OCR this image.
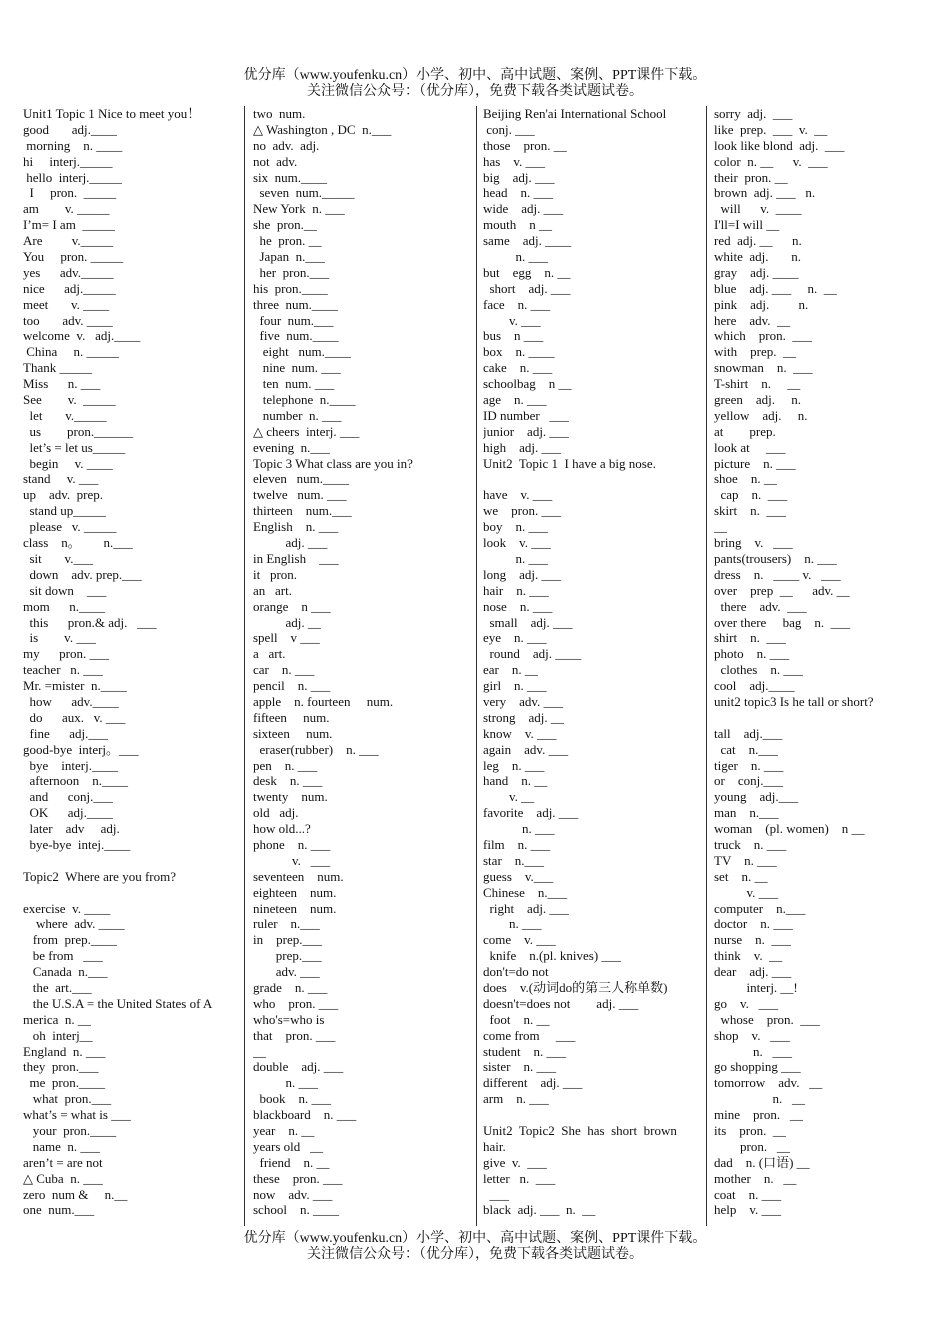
优分库（www.youfenku.cn）小学、初中、高中试题、案例、PPT课件下载。
关注微信公众号：（优分库），免费下载各类试题试卷。
Unit1 Topic 1 Nice to meet you！
good       adj.____
morning    n. ____
hi     interj._____
hello  interj._____
I     pron.  _____
am        v. _____
I’m= I am  _____
Are         v._____
You     pron. _____
yes      adv._____
nice      adj._____
meet       v. ____
too       adv. ____
welcome  v.   adj.____
China     n. _____
Thank _____
Miss      n. ___
See        v.  _____
let       v._____
us        pron.______
let’s = let us_____
begin     v. ____
stand     v. ___
up    adv.  prep.
stand up_____
please   v. _____
class    n。       n.___
sit       v.___
down    adv. prep.___
sit down    ___
mom      n.____
this      pron.& adj.   ___
is        v. ___
my      pron. ___
teacher   n. ___
Mr. =mister  n.____
how      adv.____
do      aux.   v. ___
fine      adj.___
good-bye  interj。___
bye    interj.____
afternoon    n.____
and      conj.___
OK      adj.____
later    adv     adj.
bye-bye  intej.____
Topic2  Where are you from?
exercise  v. ____
where  adv. ____
from  prep.____
be from   ___
Canada  n.___
the  art.___
the U.S.A = the United States of A
merica  n. __
oh  interj__
England  n. ___
they  pron.___
me  pron.____
what  pron.___
what’s = what is ___
your  pron.____
name  n. ___
aren’t = are not
△ Cuba  n. ___
zero  num &     n.__
one  num.___
two  num.
△ Washington , DC  n.___
no  adv.  adj.
not  adv.
six  num.____
seven  num._____
New York  n. ___
she  pron.__
he  pron. __
Japan  n.___
her  pron.___
his  pron.____
three  num.____
four  num.___
five  num.____
eight   num.____
nine  num. ___
ten  num. ___
telephone  n.____
number  n. ___
△ cheers  interj. ___
evening  n.___
Topic 3 What class are you in?
eleven   num.____
twelve   num. ___
thirteen    num.___
English    n. ___
adj. ___
in English    ___
it   pron.
an   art.
orange    n ___
adj. __
spell    v ___
a   art.
car    n. ___
pencil    n. ___
apple    n. fourteen     num.
fifteen     num.
sixteen     num.
eraser(rubber)    n. ___
pen    n. ___
desk    n. ___
twenty    num.
old   adj.
how old...?
phone    n. ___
v.   ___
seventeen    num.
eighteen    num.
nineteen    num.
ruler    n.___
in    prep.___
prep.___
adv. ___
grade    n. ___
who    pron. ___
who's=who is
that    pron. ___
__
double    adj. ___
n. ___
book    n. ___
blackboard    n. ___
year    n. __
years old   __
friend    n. __
these    pron. ___
now    adv. ___
school    n. ____
Beijing Ren'ai International School
conj. ___
those    pron. __
has    v. ___
big    adj. ___
head    n. ___
wide    adj. ___
mouth    n __
same    adj. ____
n. ___
but    egg    n. __
short    adj. ___
face    n. ___
v. ___
bus    n ___
box    n. ____
cake    n. ___
schoolbag    n __
age    n. ___
ID number   ___
junior    adj. ___
high    adj. ___
Unit2  Topic 1  I have a big nose.
have    v. ___
we    pron. ___
boy    n. ___
look    v. ___
n. ___
long    adj. ___
hair    n. ___
nose    n. ___
small    adj. ___
eye    n. ___
round    adj. ____
ear    n. __
girl    n. ___
very    adv. ___
strong    adj. __
know    v. ___
again    adv. ___
leg    n. ___
hand    n. __
v. __
favorite    adj. ___
n. ___
film    n. ___
star    n.___
guess    v.___
Chinese    n.___
right    adj. ___
n. ___
come    v. ___
knife    n.(pl. knives) ___
don't=do not
does    v.(动词do的第三人称单数)
doesn't=does not        adj. ___
foot    n. __
come from     ___
student    n. ___
sister    n. ___
different    adj. ___
arm    n. ___
Unit2  Topic2  She  has  short  brown
hair.
give  v.  ___
letter   n.  ___
___
black  adj. ___  n.  __
sorry  adj.  ___
like  prep.  ___  v.  __
look like blond  adj.  ___
color  n. __      v.  ___
their  pron. __
brown  adj. ___   n.
will      v.  ____
I'll=I will __
red  adj. __      n.
white  adj.       n.
gray    adj. ____
blue    adj. ___     n.  __
pink    adj.         n.
here    adv.  __
which    pron.  ___
with    prep.  __
snowman    n.  ___
T-shirt    n.     __
green    adj.     n.
yellow    adj.     n.
at        prep.
look at     ___
picture    n. ___
shoe    n. __
cap    n.  ___
skirt    n.  ___
__
bring    v.   ___
pants(trousers)    n. ___
dress    n.   ____ v.   ___
over    prep  __      adv. __
there    adv.  ___
over there     bag    n.  ___
shirt    n.  ___
photo    n. ___
clothes    n. ___
cool    adj.____
unit2 topic3 Is he tall or short?
tall    adj.___
cat    n.___
tiger    n. ___
or    conj.___
young    adj.___
man    n.___
woman    (pl. women)    n __
truck    n. ___
TV    n. ___
set    n. __
v. ___
computer    n.___
doctor    n. ___
nurse    n.  ___
think    v.  __
dear    adj. ___
interj. __!
go    v.   ___
whose    pron.  ___
shop    v.   ___
n.   ___
go shopping ___
tomorrow    adv.   __
n.   __
mine    pron.   __
its    pron.  __
pron.   __
dad    n. (口语) __
mother    n.   __
coat    n. ___
help    v. ___
优分库（www.youfenku.cn）小学、初中、高中试题、案例、PPT课件下载。
关注微信公众号：（优分库），免费下载各类试题试卷。
